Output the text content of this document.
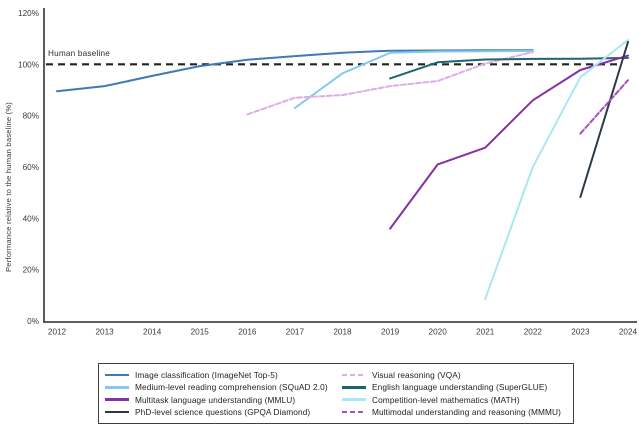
Performance relative to the human baseline (%)
Human baseline
0%
20%
40%
60%
80%
100%
120%
2012	2013	2014	2015	2016	2017	2018	2019	2020	2021	2022	2023	2024
Image classification (ImageNet Top-5)
Medium-level reading comprehension (SQuAD 2.0)
Multitask language understanding (MMLU)
PhD-level science questions (GPQA Diamond)
Visual reasoning (VQA)
English language understanding (SuperGLUE)
Competition-level mathematics (MATH)
Multimodal understanding and reasoning (MMMU)
